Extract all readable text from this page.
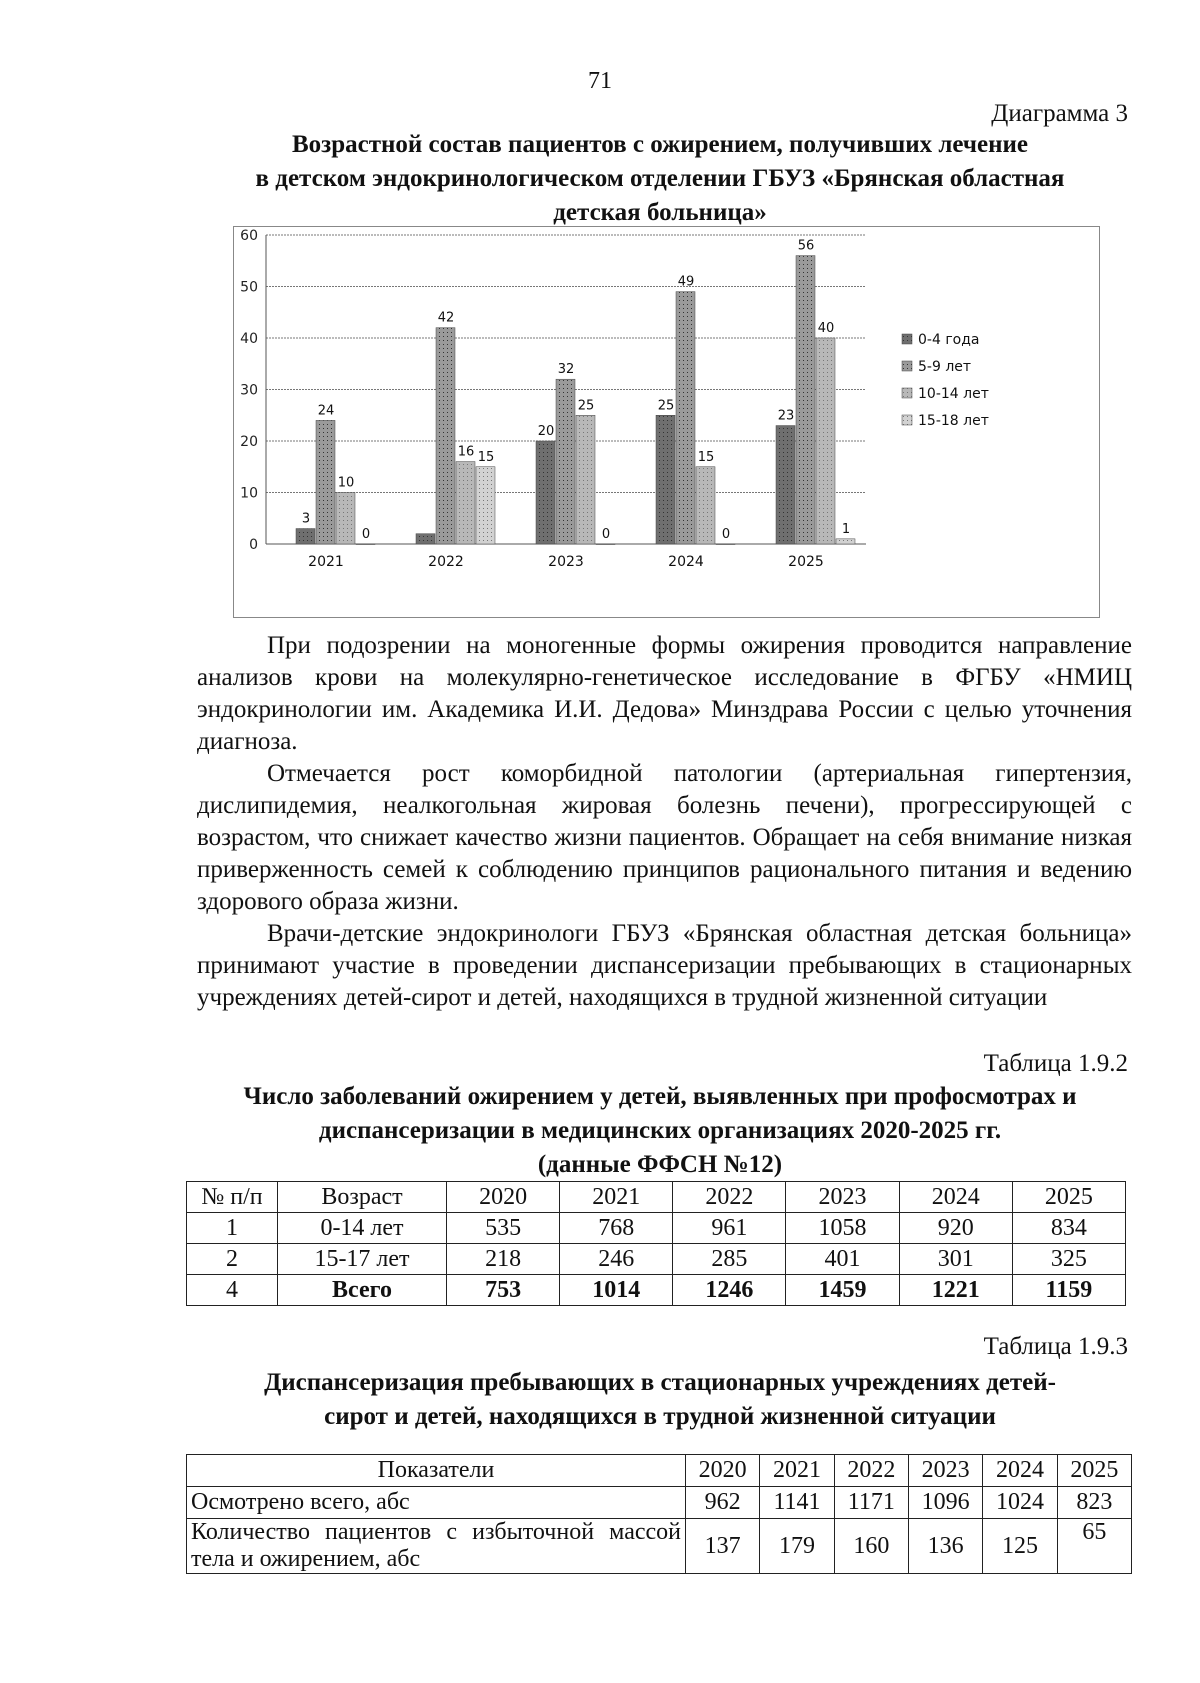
71
Диаграмма 3
Возрастной состав пациентов с ожирением, получивших лечение
в детском эндокринологическом отделении ГБУЗ «Брянская областная
детская больница»
0
10
20
30
40
50
60
3
24
10
0
2021
42
16 15
2022
20
32
25
0
2023
25
49
15
0
2024
23
56
40
1
2025
0-4 года
5-9 лет
10-14 лет
15-18 лет

При подозрении на моногенные формы ожирения проводится направление анализов крови на молекулярно-генетическое исследование в ФГБУ «НМИЦ эндокринологии им. Академика И.И. Дедова» Минздрава России с целью уточнения диагноза.

Отмечается рост коморбидной патологии (артериальная гипертензия, дислипидемия, неалкогольная жировая болезнь печени), прогрессирующей с возрастом, что снижает качество жизни пациентов. Обращает на себя внимание низкая приверженность семей к соблюдению принципов рационального питания и ведению здорового образа жизни.

Врачи-детские эндокринологи ГБУЗ «Брянская областная детская больница» принимают участие в проведении диспансеризации пребывающих в стационарных учреждениях детей-сирот и детей, находящихся в трудной жизненной ситуации

Таблица 1.9.2
Число заболеваний ожирением у детей, выявленных при профосмотрах и
диспансеризации в медицинских организациях 2020-2025 гг.
(данные ФФСН №12)
№ п/п	Возраст	2020	2021	2022	2023	2024	2025
1	0-14 лет	535	768	961	1058	920	834
2	15-17 лет	218	246	285	401	301	325
4	Всего	753	1014	1246	1459	1221	1159
Таблица 1.9.3
Диспансеризация пребывающих в стационарных учреждениях детей-
сирот и детей, находящихся в трудной жизненной ситуации
Показатели	2020	2021	2022	2023	2024	2025
Осмотрено всего, абс	962	1141	1171	1096	1024	823
Количество пациентов с избыточной массой тела и ожирением, абс	137	179	160	136	125	65
